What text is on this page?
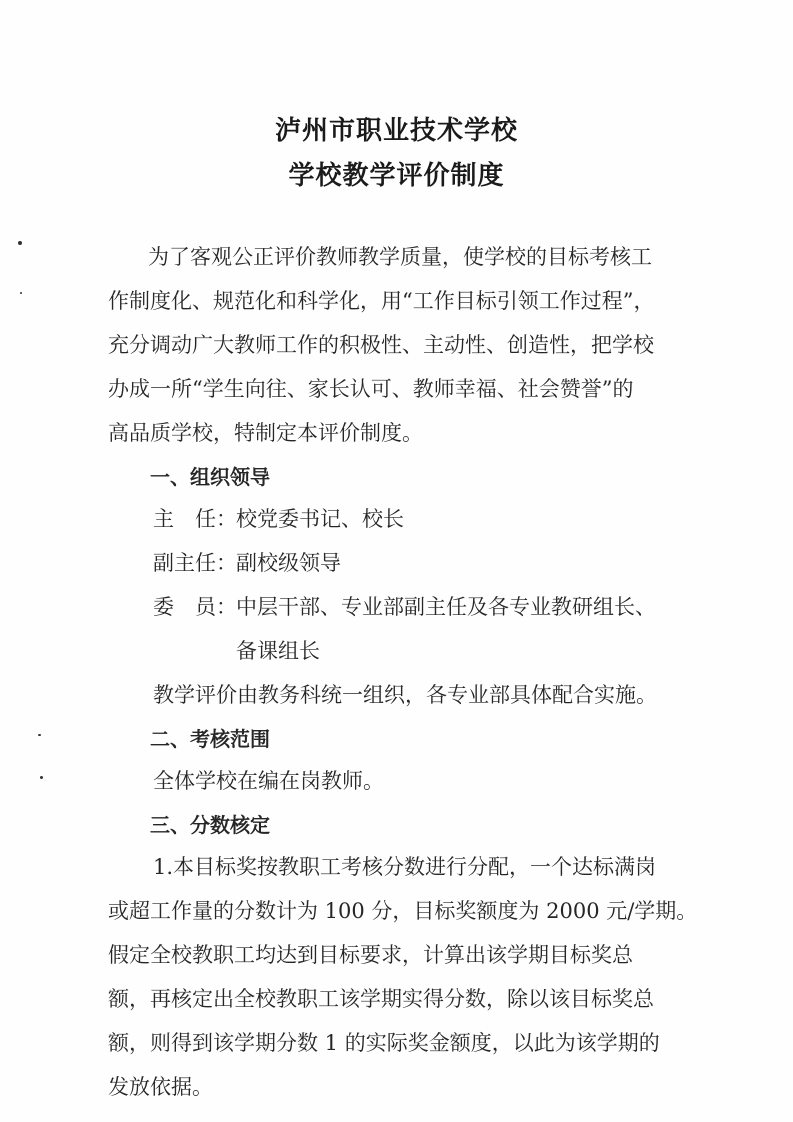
泸州市职业技术学校
学校教学评价制度
为了客观公正评价教师教学质量，使学校的目标考核工
作制度化、规范化和科学化，用“工作目标引领工作过程”，
充分调动广大教师工作的积极性、主动性、创造性，把学校
办成一所“学生向往、家长认可、教师幸福、社会赞誉”的
高品质学校，特制定本评价制度。
一、组织领导
主　任： 校党委书记、校长
副主任： 副校级领导
委　员： 中层干部、专业部副主任及各专业教研组长、
备课组长
教学评价由教务科统一组织，各专业部具体配合实施。
二、考核范围
全体学校在编在岗教师。
三、分数核定
1.本目标奖按教职工考核分数进行分配，一个达标满岗
或超工作量的分数计为 100 分，目标奖额度为 2000 元/学期。
假定全校教职工均达到目标要求，计算出该学期目标奖总
额，再核定出全校教职工该学期实得分数，除以该目标奖总
额，则得到该学期分数 1 的实际奖金额度，以此为该学期的
发放依据。
